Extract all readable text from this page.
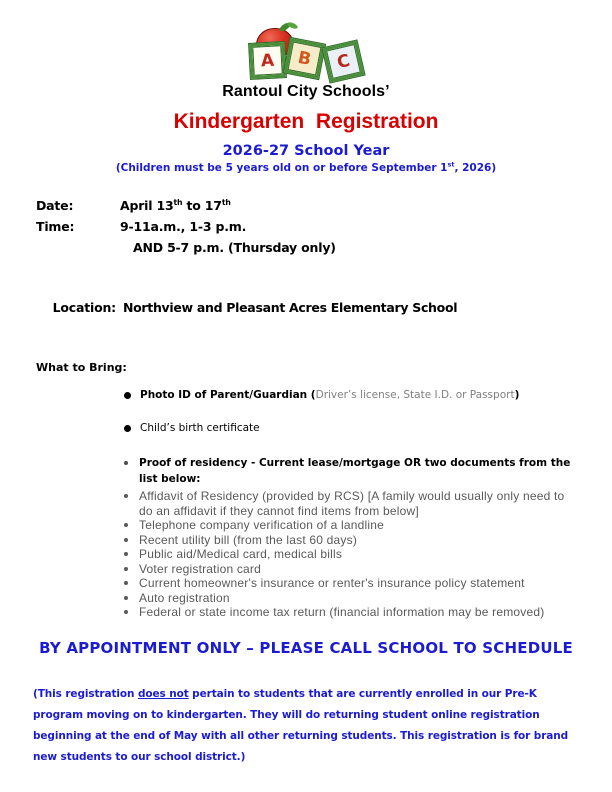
A	B	C
Rantoul City Schools’
Kindergarten  Registration
2026-27 School Year
(Children must be 5 years old on or before September 1st, 2026)
Date:	April 13th to 17th
Time:	9-11a.m., 1-3 p.m.
AND 5-7 p.m. (Thursday only)

Location: Northview and Pleasant Acres Elementary School

What to Bring:
Photo ID of Parent/Guardian (Driver’s license, State I.D. or Passport)
Child’s birth certificate
Proof of residency - Current lease/mortgage OR two documents from the list below:
Affidavit of Residency (provided by RCS) [A family would usually only need to do an affidavit if they cannot find items from below]
Telephone company verification of a landline
Recent utility bill (from the last 60 days)
Public aid/Medical card, medical bills
Voter registration card
Current homeowner's insurance or renter's insurance policy statement
Auto registration
Federal or state income tax return (financial information may be removed)
BY APPOINTMENT ONLY – PLEASE CALL SCHOOL TO SCHEDULE
(This registration does not pertain to students that are currently enrolled in our Pre-K program moving on to kindergarten. They will do returning student online registration beginning at the end of May with all other returning students. This registration is for brand new students to our school district.)
